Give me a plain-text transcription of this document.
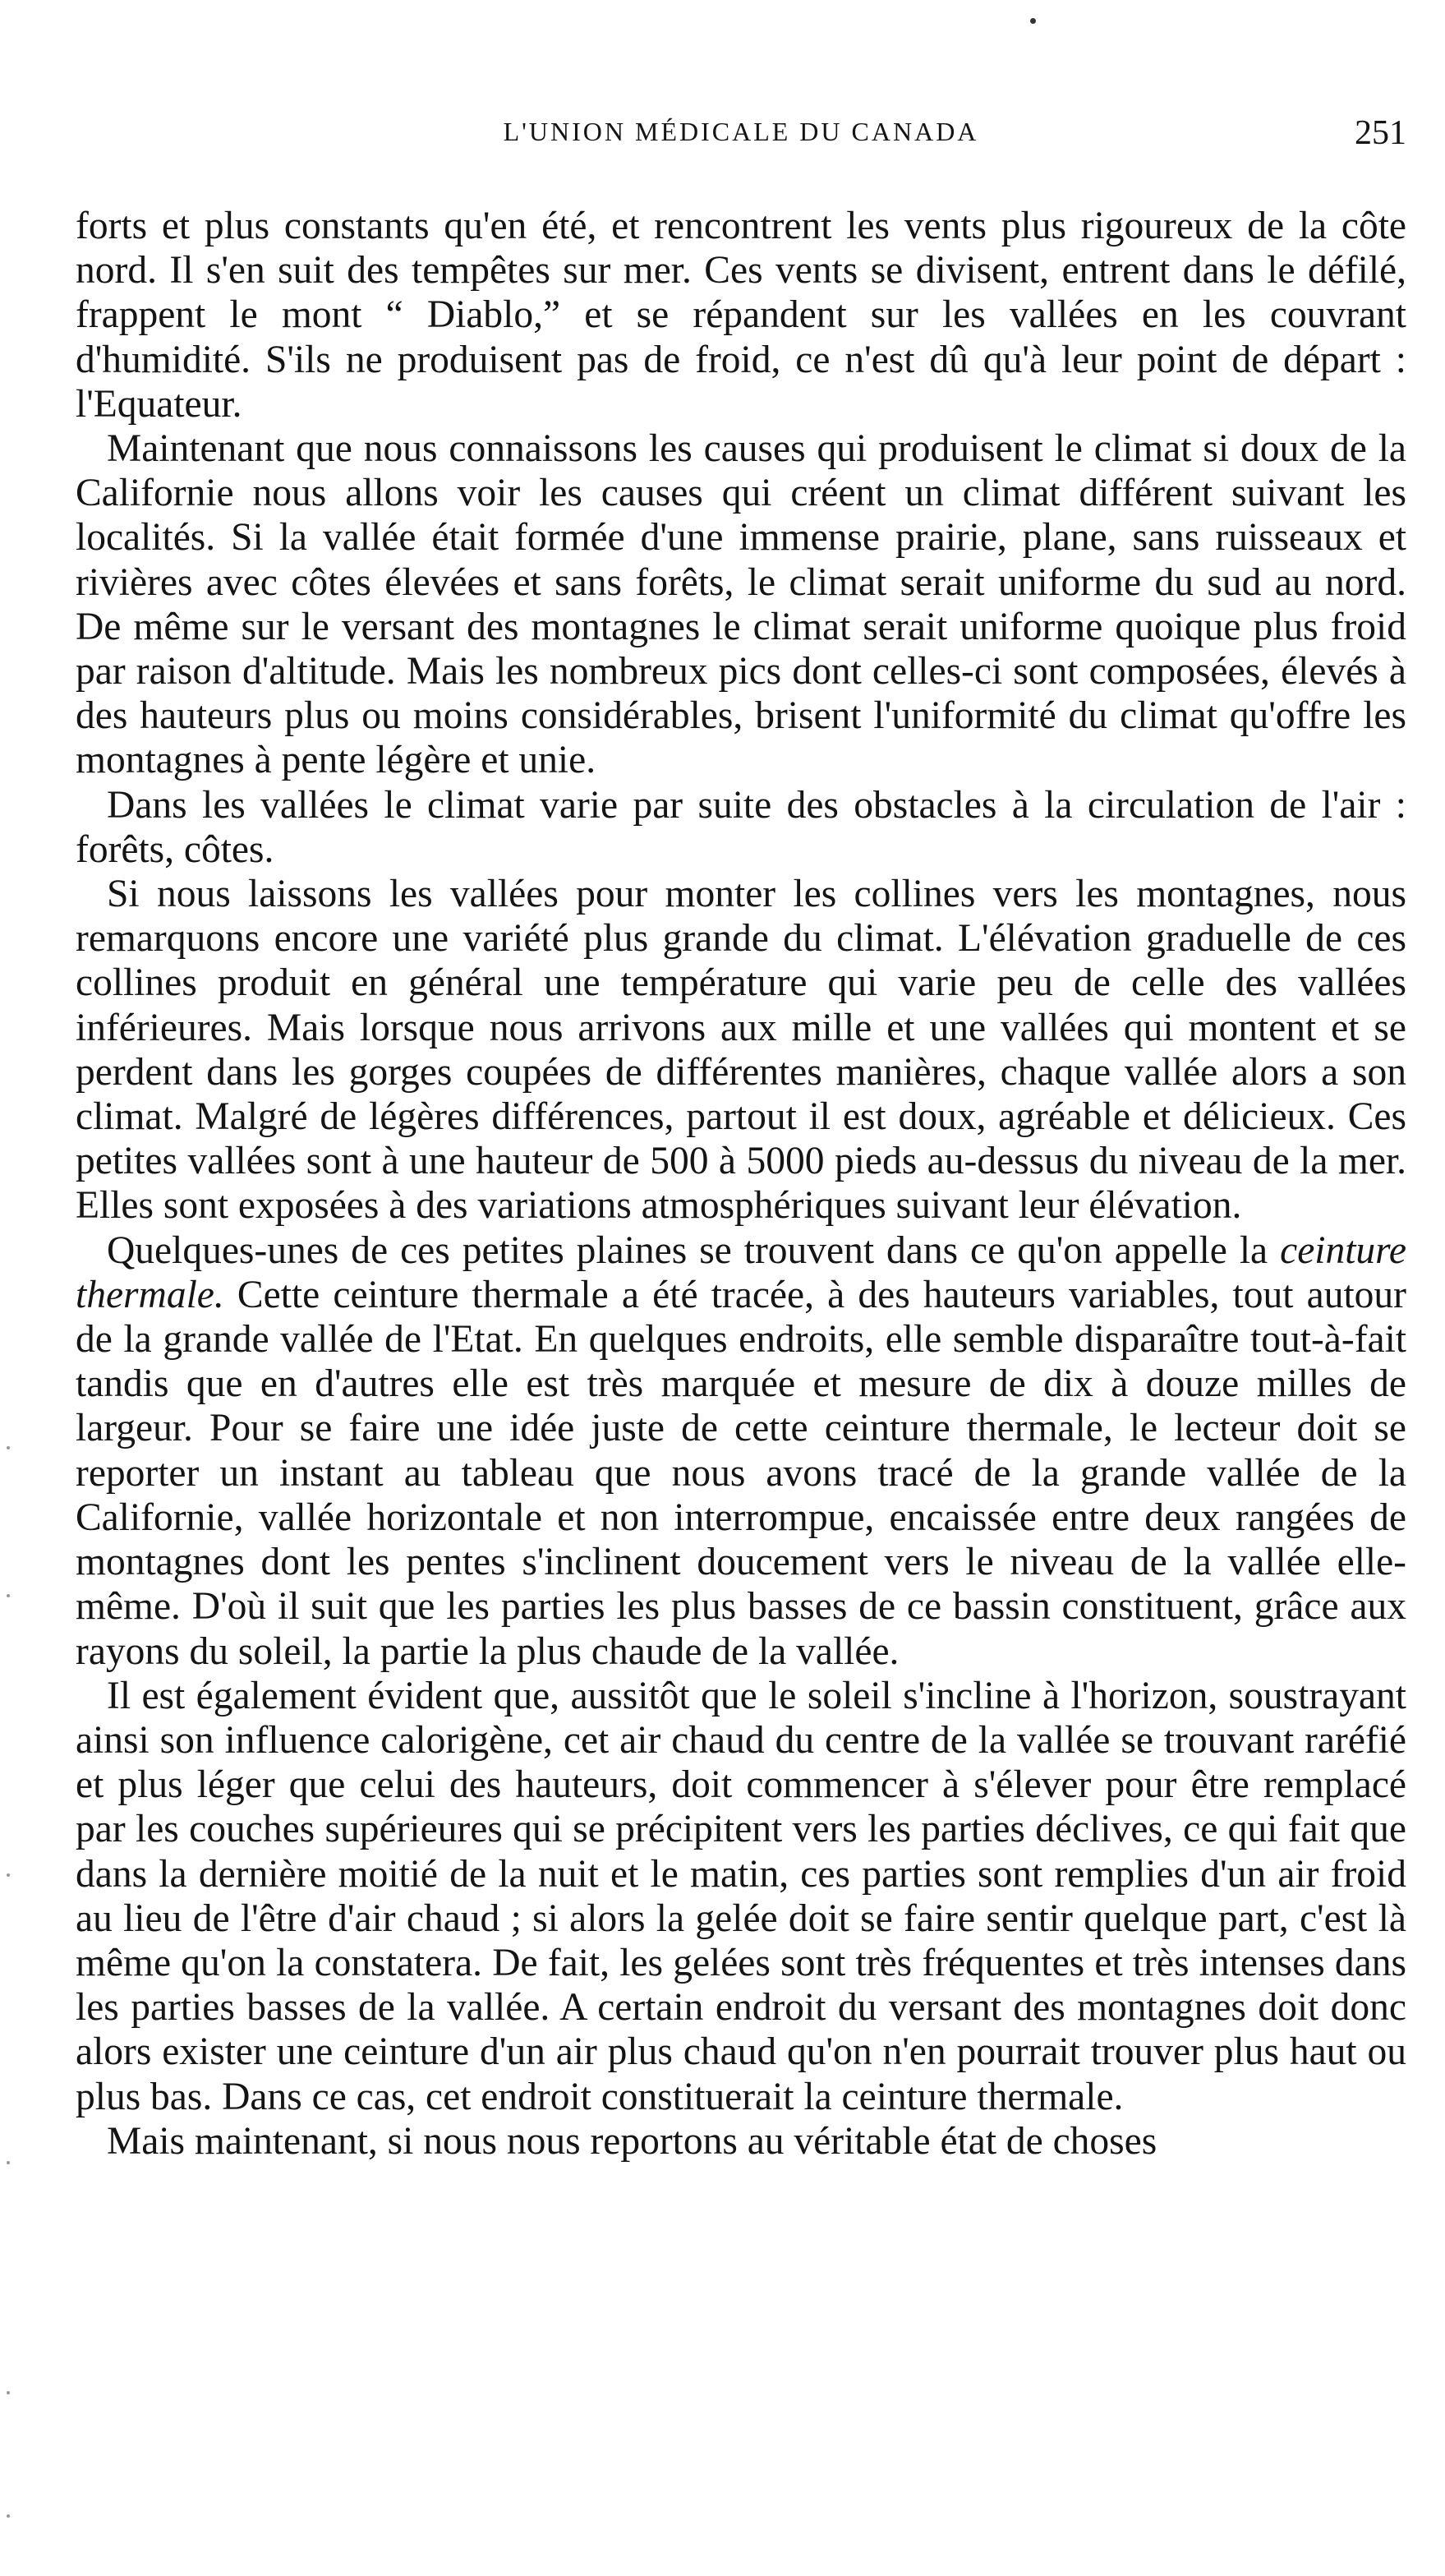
L'UNION MÉDICALE DU CANADA	251

forts et plus constants qu'en été, et rencontrent les vents plus rigoureux de la côte nord. Il s'en suit des tempêtes sur mer. Ces vents se divisent, entrent dans le défilé, frappent le mont “ Diablo,” et se répandent sur les vallées en les couvrant d'humidité. S'ils ne produisent pas de froid, ce n'est dû qu'à leur point de départ : l'Equateur.

Maintenant que nous connaissons les causes qui produisent le climat si doux de la Californie nous allons voir les causes qui créent un climat différent suivant les localités. Si la vallée était formée d'une immense prairie, plane, sans ruisseaux et rivières avec côtes élevées et sans forêts, le climat serait uniforme du sud au nord. De même sur le versant des montagnes le climat serait uniforme quoique plus froid par raison d'altitude. Mais les nombreux pics dont celles-ci sont composées, élevés à des hauteurs plus ou moins considérables, brisent l'uniformité du climat qu'offre les montagnes à pente légère et unie.

Dans les vallées le climat varie par suite des obstacles à la circulation de l'air : forêts, côtes.

Si nous laissons les vallées pour monter les collines vers les montagnes, nous remarquons encore une variété plus grande du climat. L'élévation graduelle de ces collines produit en général une température qui varie peu de celle des vallées inférieures. Mais lorsque nous arrivons aux mille et une vallées qui montent et se perdent dans les gorges coupées de différentes manières, chaque vallée alors a son climat. Malgré de légères différences, partout il est doux, agréable et délicieux. Ces petites vallées sont à une hauteur de 500 à 5000 pieds au-dessus du niveau de la mer. Elles sont exposées à des variations atmosphériques suivant leur élévation.

Quelques-unes de ces petites plaines se trouvent dans ce qu'on appelle la ceinture thermale. Cette ceinture thermale a été tracée, à des hauteurs variables, tout autour de la grande vallée de l'Etat. En quelques endroits, elle semble disparaître tout-à-fait tandis que en d'autres elle est très marquée et mesure de dix à douze milles de largeur. Pour se faire une idée juste de cette ceinture thermale, le lecteur doit se reporter un instant au tableau que nous avons tracé de la grande vallée de la Californie, vallée horizontale et non interrompue, encaissée entre deux rangées de montagnes dont les pentes s'inclinent doucement vers le niveau de la vallée elle-même. D'où il suit que les parties les plus basses de ce bassin constituent, grâce aux rayons du soleil, la partie la plus chaude de la vallée.

Il est également évident que, aussitôt que le soleil s'incline à l'horizon, soustrayant ainsi son influence calorigène, cet air chaud du centre de la vallée se trouvant raréfié et plus léger que celui des hauteurs, doit commencer à s'élever pour être remplacé par les couches supérieures qui se précipitent vers les parties déclives, ce qui fait que dans la dernière moitié de la nuit et le matin, ces parties sont remplies d'un air froid au lieu de l'être d'air chaud ; si alors la gelée doit se faire sentir quelque part, c'est là même qu'on la constatera. De fait, les gelées sont très fréquentes et très intenses dans les parties basses de la vallée. A certain endroit du versant des montagnes doit donc alors exister une ceinture d'un air plus chaud qu'on n'en pourrait trouver plus haut ou plus bas. Dans ce cas, cet endroit constituerait la ceinture thermale.

Mais maintenant, si nous nous reportons au véritable état de choses
